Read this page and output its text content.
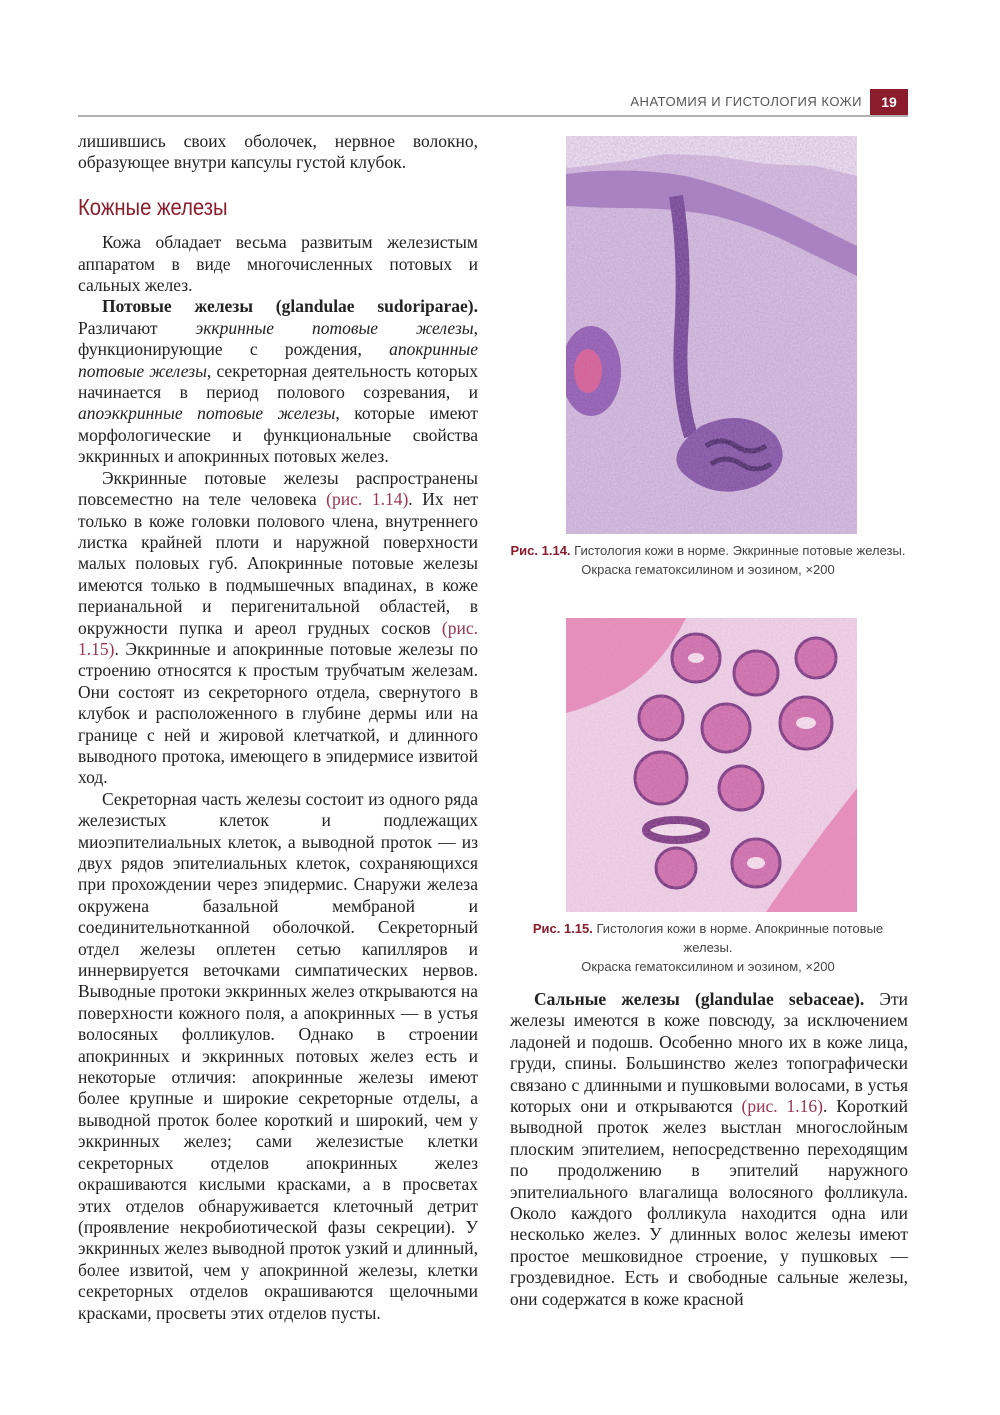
АНАТОМИЯ И ГИСТОЛОГИЯ КОЖИ	19

лишившись своих оболочек, нервное волокно, образующее внутри капсулы густой клубок.

Кожные железы

Кожа обладает весьма развитым железистым аппаратом в виде многочисленных потовых и сальных желез.

Потовые железы (glandulae sudoriparae). Различают эккринные потовые железы, функционирующие с рождения, апокринные потовые железы, секреторная деятельность которых начинается в период полового созревания, и апоэккринные потовые железы, которые имеют морфологические и функциональные свойства эккринных и апокринных потовых желез.

Эккринные потовые железы распространены повсеместно на теле человека (рис. 1.14). Их нет только в коже головки полового члена, внутреннего листка крайней плоти и наружной поверхности малых половых губ. Апокринные потовые железы имеются только в подмышечных впадинах, в коже перианальной и перигенитальной областей, в окружности пупка и ареол грудных сосков (рис. 1.15). Эккринные и апокринные потовые железы по строению относятся к простым трубчатым железам. Они состоят из секреторного отдела, свернутого в клубок и расположенного в глубине дермы или на границе с ней и жировой клетчаткой, и длинного выводного протока, имеющего в эпидермисе извитой ход.

Секреторная часть железы состоит из одного ряда железистых клеток и подлежащих миоэпителиальных клеток, а выводной проток — из двух рядов эпителиальных клеток, сохраняющихся при прохождении через эпидермис. Снаружи железа окружена базальной мембраной и соединительнотканной оболочкой. Секреторный отдел железы оплетен сетью капилляров и иннервируется веточками симпатических нервов. Выводные протоки эккринных желез открываются на поверхности кожного поля, а апокринных — в устья волосяных фолликулов. Однако в строении апокринных и эккринных потовых желез есть и некоторые отличия: апокринные железы имеют более крупные и широкие секреторные отделы, а выводной проток более короткий и широкий, чем у эккринных желез; сами железистые клетки секреторных отделов апокринных желез окрашиваются кислыми красками, а в просветах этих отделов обнаруживается клеточный детрит (проявление некробиотической фазы секреции). У эккринных желез выводной проток узкий и длинный, более извитой, чем у апокринной железы, клетки секреторных отделов окрашиваются щелочными красками, просветы этих отделов пусты.

Рис. 1.14. Гистология кожи в норме. Эккринные потовые железы.
Окраска гематоксилином и эозином, ×200
Рис. 1.15. Гистология кожи в норме. Апокринные потовые железы.
Окраска гематоксилином и эозином, ×200

Сальные железы (glandulae sebaceae). Эти железы имеются в коже повсюду, за исключением ладоней и подошв. Особенно много их в коже лица, груди, спины. Большинство желез топографически связано с длинными и пушковыми волосами, в устья которых они и открываются (рис. 1.16). Короткий выводной проток желез выстлан многослойным плоским эпителием, непосредственно переходящим по продолжению в эпителий наружного эпителиального влагалища волосяного фолликула. Около каждого фолликула находится одна или несколько желез. У длинных волос железы имеют простое мешковидное строение, у пушковых — гроздевидное. Есть и свободные сальные железы, они содержатся в коже красной
